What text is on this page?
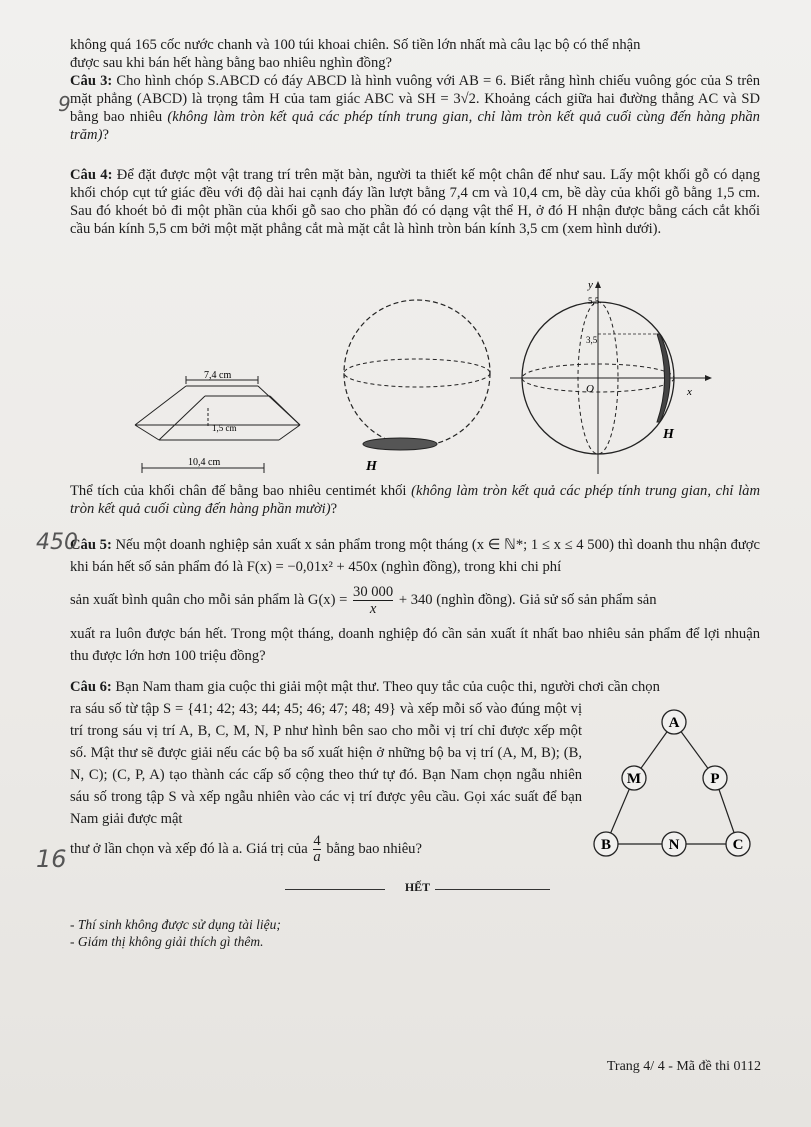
không quá 165 cốc nước chanh và 100 túi khoai chiên. Số tiền lớn nhất mà câu lạc bộ có thể nhận

được sau khi bán hết hàng bằng bao nhiêu nghìn đồng?

Câu 3: Cho hình chóp S.ABCD có đáy ABCD là hình vuông với AB = 6. Biết rằng hình chiếu vuông góc của S trên mặt phẳng (ABCD) là trọng tâm H của tam giác ABC và SH = 3√2. Khoảng cách giữa hai đường thẳng AC và SD bằng bao nhiêu (không làm tròn kết quả các phép tính trung gian, chỉ làm tròn kết quả cuối cùng đến hàng phần trăm)?

Câu 4: Để đặt được một vật trang trí trên mặt bàn, người ta thiết kế một chân đế như sau. Lấy một khối gỗ có dạng khối chóp cụt tứ giác đều với độ dài hai cạnh đáy lần lượt bằng 7,4 cm và 10,4 cm, bề dày của khối gỗ bằng 1,5 cm. Sau đó khoét bỏ đi một phần của khối gỗ sao cho phần đó có dạng vật thể H, ở đó H nhận được bằng cách cắt khối cầu bán kính 5,5 cm bởi một mặt phẳng cắt mà mặt cắt là hình tròn bán kính 3,5 cm (xem hình dưới).

7,4 cm
1,5 cm
10,4 cm	H
y
5,5
3,5
O	x
H

Thể tích của khối chân đế bằng bao nhiêu centimét khối (không làm tròn kết quả các phép tính trung gian, chỉ làm tròn kết quả cuối cùng đến hàng phần mười)?

Câu 5: Nếu một doanh nghiệp sản xuất x sản phẩm trong một tháng (x ∈ ℕ*; 1 ≤ x ≤ 4 500) thì doanh thu nhận được khi bán hết số sản phẩm đó là F(x) = −0,01x² + 450x (nghìn đồng), trong khi chi phí

sản xuất bình quân cho mỗi sản phẩm là $G(x) = \frac{30 000}{x} + 340$ (nghìn đồng). Giả sử số sản phẩm sản

xuất ra luôn được bán hết. Trong một tháng, doanh nghiệp đó cần sản xuất ít nhất bao nhiêu sản phẩm để lợi nhuận thu được lớn hơn 100 triệu đồng?

Câu 6: Bạn Nam tham gia cuộc thi giải một mật thư. Theo quy tắc của cuộc thi, người chơi cần chọn

ra sáu số từ tập S = {41; 42; 43; 44; 45; 46; 47; 48; 49} và xếp mỗi số vào đúng một vị trí trong sáu vị trí A, B, C, M, N, P như hình bên sao cho mỗi vị trí chỉ được xếp một số. Mật thư sẽ được giải nếu các bộ ba số xuất hiện ở những bộ ba vị trí (A, M, B); (B, N, C); (C, P, A) tạo thành các cấp số cộng theo thứ tự đó. Bạn Nam chọn ngẫu nhiên sáu số trong tập S và xếp ngẫu nhiên vào các vị trí được yêu cầu. Gọi xác suất để bạn Nam giải được mật

thư ở lần chọn và xếp đó là a. Giá trị của $\frac{4}{a}$ bằng bao nhiêu?

A
M	P
B	N	C
HẾT

- Thí sinh không được sử dụng tài liệu;

- Giám thị không giải thích gì thêm.

Trang 4/ 4 - Mã đề thi 0112
9
450
16
